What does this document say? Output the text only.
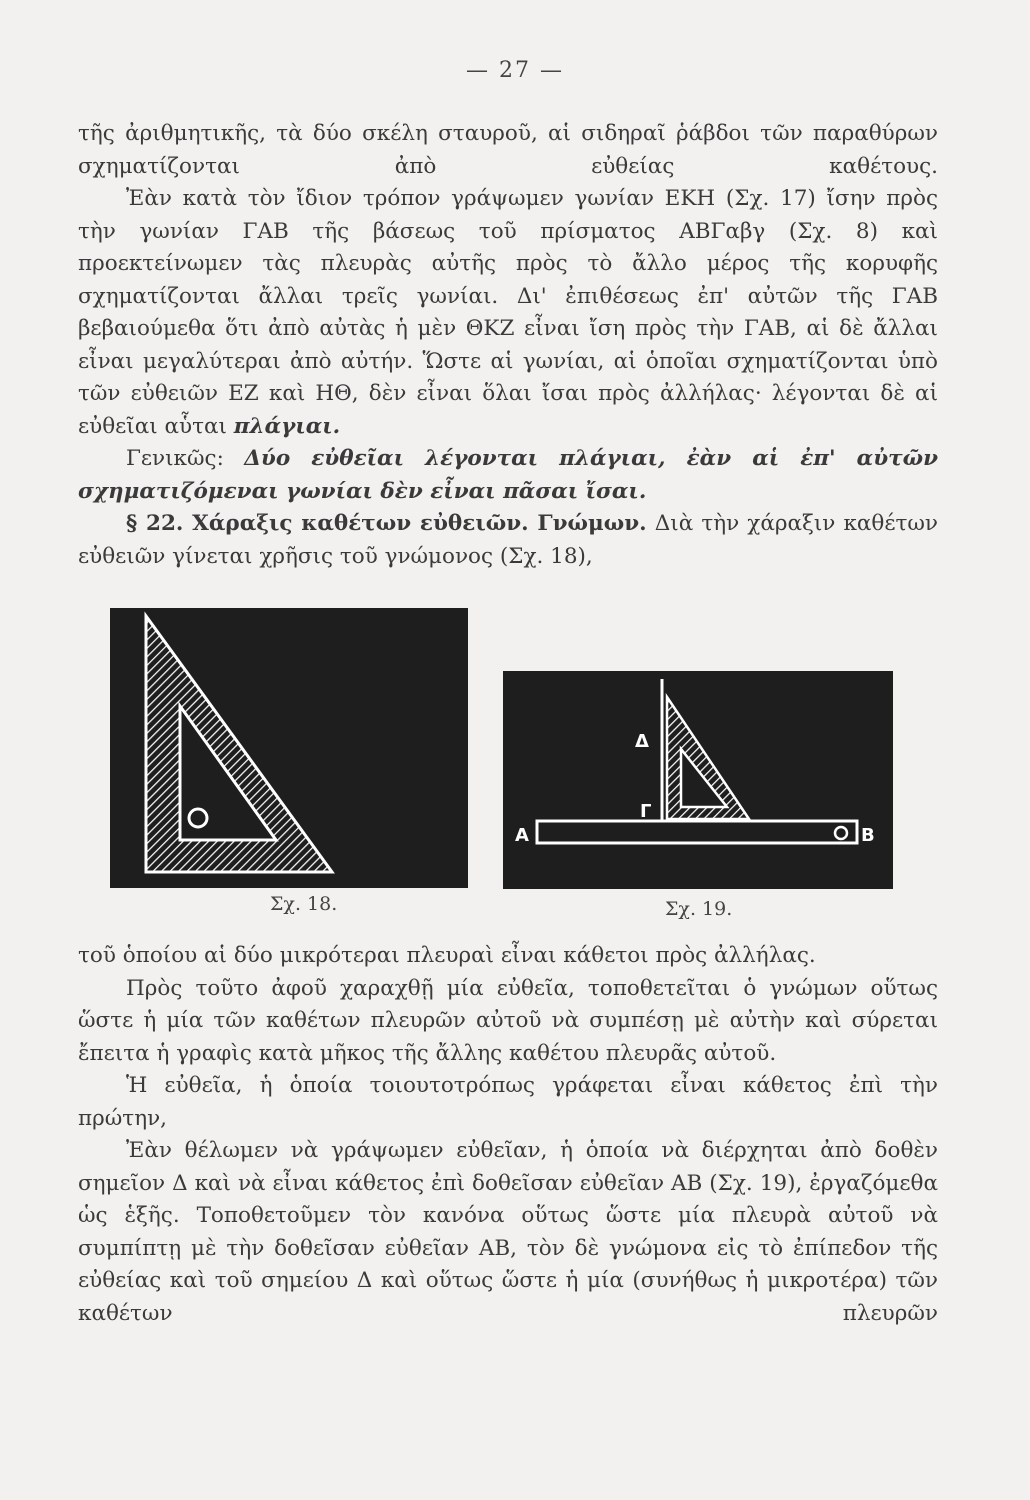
— 27 —

τῆς ἀριθμητικῆς, τὰ δύο σκέλη σταυροῦ, αἱ σιδηραῖ ῥάβδοι τῶν παραθύρων σχηματίζονται ἀπὸ εὐθείας καθέτους.

Ἐὰν κατὰ τὸν ἴδιον τρόπον γράψωμεν γωνίαν ΕΚΗ (Σχ. 17) ἴσην πρὸς τὴν γωνίαν ΓΑΒ τῆς βάσεως τοῦ πρίσματος ΑΒΓαβγ (Σχ. 8) καὶ προεκτείνωμεν τὰς πλευρὰς αὐτῆς πρὸς τὸ ἄλλο μέρος τῆς κορυφῆς σχηματίζονται ἄλλαι τρεῖς γωνίαι. Δι' ἐπιθέσεως ἐπ' αὐτῶν τῆς ΓΑΒ βεβαιούμεθα ὅτι ἀπὸ αὐτὰς ἡ μὲν ΘΚΖ εἶναι ἴση πρὸς τὴν ΓΑΒ, αἱ δὲ ἄλλαι εἶναι μεγαλύτεραι ἀπὸ αὐτήν. Ὥστε αἱ γωνίαι, αἱ ὁποῖαι σχηματίζονται ὑπὸ τῶν εὐθειῶν ΕΖ καὶ ΗΘ, δὲν εἶναι ὅλαι ἴσαι πρὸς ἀλλήλας· λέγονται δὲ αἱ εὐθεῖαι αὗται πλάγιαι.

Γενικῶς: Δύο εὐθεῖαι λέγονται πλάγιαι, ἐὰν αἱ ἐπ' αὐτῶν σχηματιζόμεναι γωνίαι δὲν εἶναι πᾶσαι ἴσαι.

§ 22. Χάραξις καθέτων εὐθειῶν. Γνώμων. Διὰ τὴν χάραξιν καθέτων εὐθειῶν γίνεται χρῆσις τοῦ γνώμονος (Σχ. 18),

Σχ. 18.
Δ
Γ
Α	Β
Σχ. 19.

τοῦ ὁποίου αἱ δύο μικρότεραι πλευραὶ εἶναι κάθετοι πρὸς ἀλλήλας.

Πρὸς τοῦτο ἀφοῦ χαραχθῇ μία εὐθεῖα, τοποθετεῖται ὁ γνώμων οὕτως ὥστε ἡ μία τῶν καθέτων πλευρῶν αὐτοῦ νὰ συμπέσῃ μὲ αὐτὴν καὶ σύρεται ἔπειτα ἡ γραφὶς κατὰ μῆκος τῆς ἄλλης καθέτου πλευρᾶς αὐτοῦ.

Ἡ εὐθεῖα, ἡ ὁποία τοιουτοτρόπως γράφεται εἶναι κάθετος ἐπὶ τὴν πρώτην,

Ἐὰν θέλωμεν νὰ γράψωμεν εὐθεῖαν, ἡ ὁποία νὰ διέρχηται ἀπὸ δοθὲν σημεῖον Δ καὶ νὰ εἶναι κάθετος ἐπὶ δοθεῖσαν εὐθεῖαν ΑΒ (Σχ. 19), ἐργαζόμεθα ὡς ἑξῆς. Τοποθετοῦμεν τὸν κανόνα οὕτως ὥστε μία πλευρὰ αὐτοῦ νὰ συμπίπτῃ μὲ τὴν δοθεῖσαν εὐθεῖαν ΑΒ, τὸν δὲ γνώμονα εἰς τὸ ἐπίπεδον τῆς εὐθείας καὶ τοῦ σημείου Δ καὶ οὕτως ὥστε ἡ μία (συνήθως ἡ μικροτέρα) τῶν καθέτων πλευρῶν
